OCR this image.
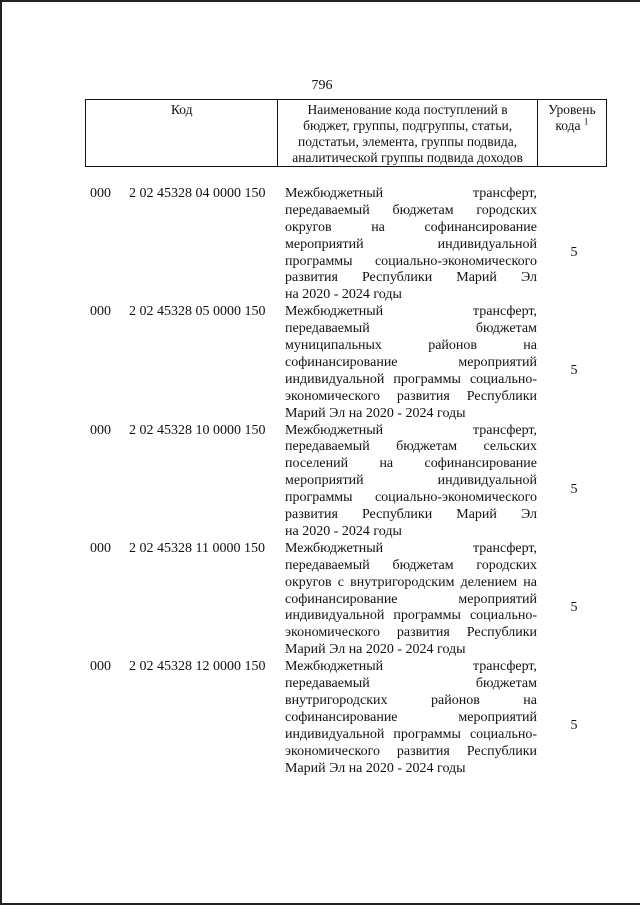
796
Код	Наименование кода поступлений в
бюджет, группы, подгруппы, статьи,
подстатьи, элемента, группы подвида,
аналитической группы подвида доходов

Уровень
кода $^1$
000 2 02 45328 04 0000 150 Межбюджетный трансферт,
передаваемый бюджетам городских
округов на софинансирование
мероприятий индивидуальной
программы социально-экономического
развития Республики Марий Эл
на 2020 - 2024 годы
5
000 2 02 45328 05 0000 150 Межбюджетный трансферт,
передаваемый бюджетам
муниципальных районов на
софинансирование мероприятий
индивидуальной программы социально-
экономического развития Республики
Марий Эл на 2020 - 2024 годы
5
000 2 02 45328 10 0000 150 Межбюджетный трансферт,
передаваемый бюджетам сельских
поселений на софинансирование
мероприятий индивидуальной
программы социально-экономического
развития Республики Марий Эл
на 2020 - 2024 годы
5
000 2 02 45328 11 0000 150 Межбюджетный трансферт,
передаваемый бюджетам городских
округов с внутригородским делением на
софинансирование мероприятий
индивидуальной программы социально-
экономического развития Республики
Марий Эл на 2020 - 2024 годы
5
000 2 02 45328 12 0000 150 Межбюджетный трансферт,
передаваемый бюджетам
внутригородских районов на
софинансирование мероприятий
индивидуальной программы социально-
экономического развития Республики
Марий Эл на 2020 - 2024 годы
5
